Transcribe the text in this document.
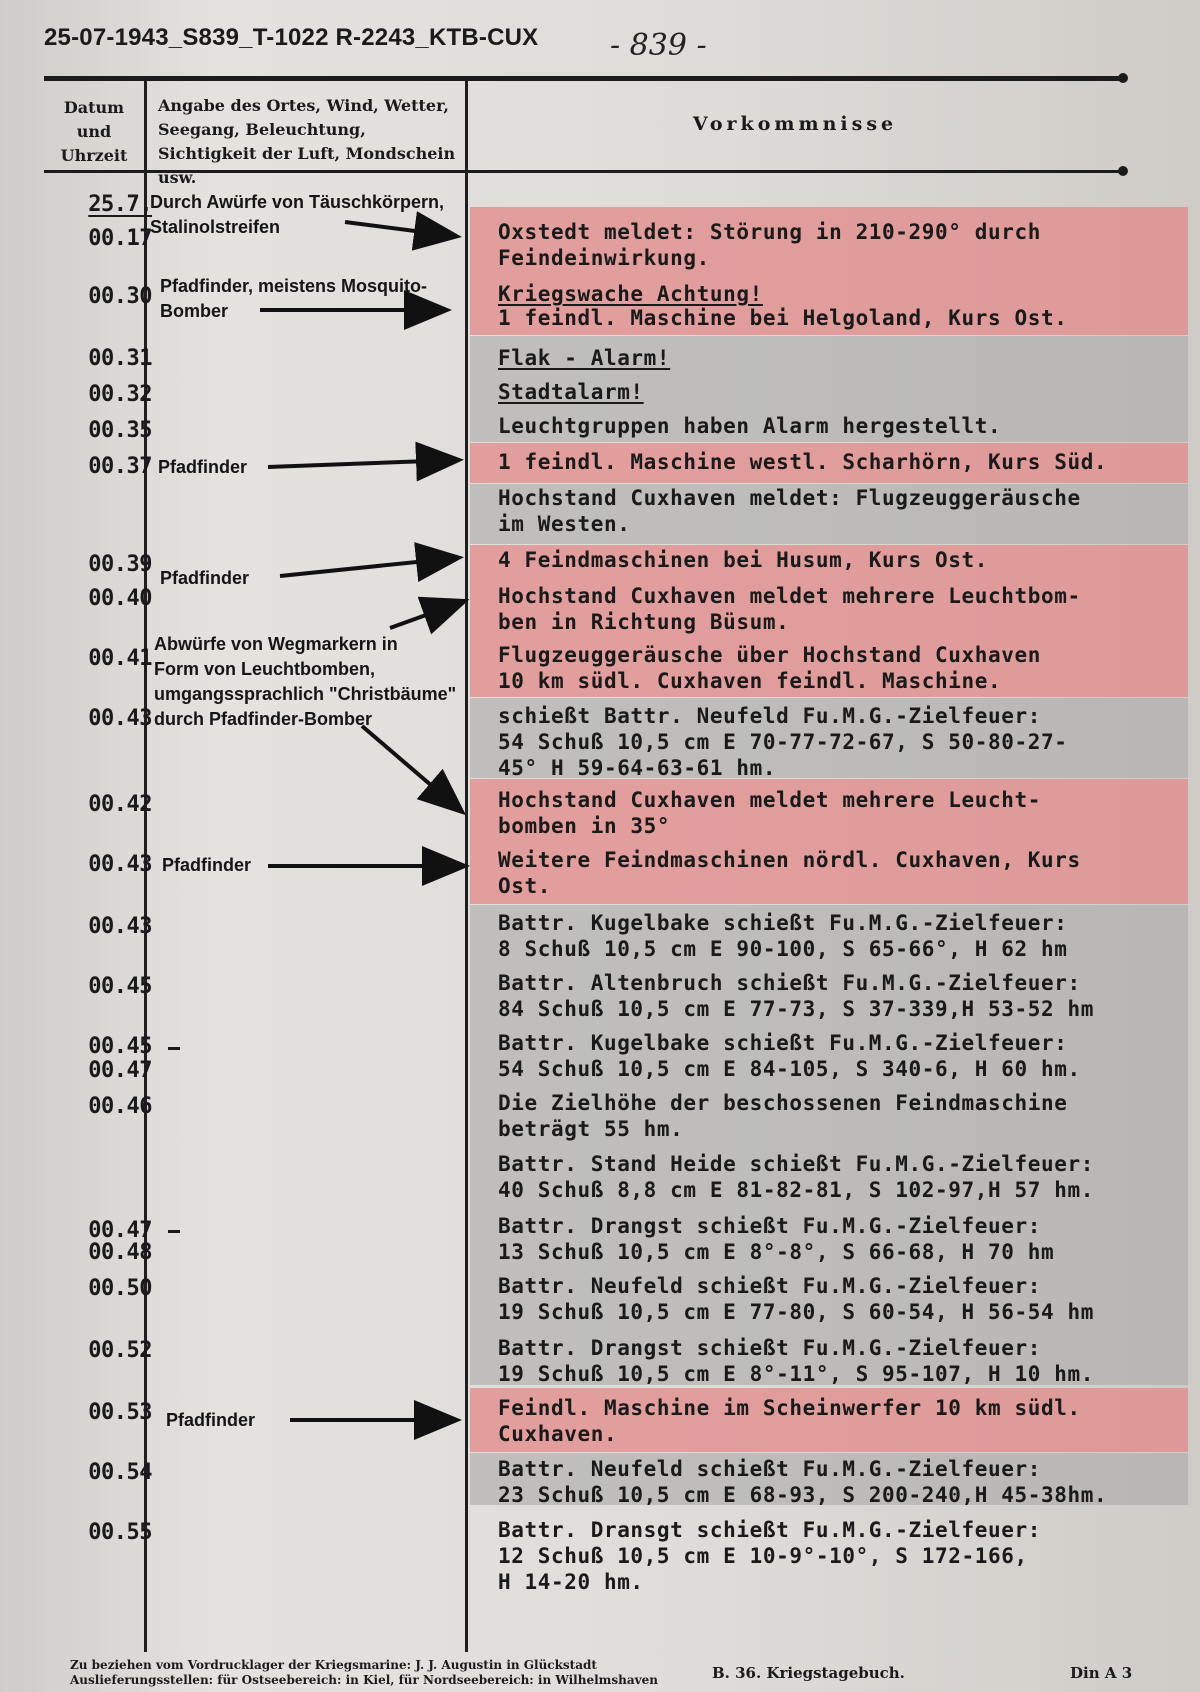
25-07-1943_S839_T-1022 R-2243_KTB-CUX - 839 -
Datum
und
Uhrzeit
Angabe des Ortes, Wind, Wetter, Seegang, Beleuchtung, Sichtigkeit der Luft, Mondschein usw.
Vorkommnisse
25.7.
00.17
00.30
00.31
00.32
00.35
00.37
00.39
00.40
00.41
00.43
00.42
00.43
00.43
00.45
00.45
00.47
00.46
00.47
00.48
00.50
00.52
00.53
00.54
00.55
Oxstedt meldet: Störung in 210-290° durch
Feindeinwirkung.
Kriegswache Achtung!
1 feindl. Maschine bei Helgoland, Kurs Ost.
Flak - Alarm!
Stadtalarm!
Leuchtgruppen haben Alarm hergestellt.
1 feindl. Maschine westl. Scharhörn, Kurs Süd.
Hochstand Cuxhaven meldet: Flugzeuggeräusche
im Westen.
4 Feindmaschinen bei Husum, Kurs Ost.
Hochstand Cuxhaven meldet mehrere Leuchtbom-
ben in Richtung Büsum.
Flugzeuggeräusche über Hochstand Cuxhaven
10 km südl. Cuxhaven feindl. Maschine.
schießt Battr. Neufeld Fu.M.G.-Zielfeuer:
54 Schuß 10,5 cm E 70-77-72-67, S 50-80-27-
45° H 59-64-63-61 hm.
Hochstand Cuxhaven meldet mehrere Leucht-
bomben in 35°
Weitere Feindmaschinen nördl. Cuxhaven, Kurs
Ost.
Battr. Kugelbake schießt Fu.M.G.-Zielfeuer:
8 Schuß 10,5 cm E 90-100, S 65-66°, H 62 hm
Battr. Altenbruch schießt Fu.M.G.-Zielfeuer:
84 Schuß 10,5 cm E 77-73, S 37-339,H 53-52 hm
Battr. Kugelbake schießt Fu.M.G.-Zielfeuer:
54 Schuß 10,5 cm E 84-105, S 340-6, H 60 hm.
Die Zielhöhe der beschossenen Feindmaschine
beträgt 55 hm.
Battr. Stand Heide schießt Fu.M.G.-Zielfeuer:
40 Schuß 8,8 cm E 81-82-81, S 102-97,H 57 hm.
Battr. Drangst schießt Fu.M.G.-Zielfeuer:
13 Schuß 10,5 cm E 8°-8°, S 66-68, H 70 hm
Battr. Neufeld schießt Fu.M.G.-Zielfeuer:
19 Schuß 10,5 cm E 77-80, S 60-54, H 56-54 hm
Battr. Drangst schießt Fu.M.G.-Zielfeuer:
19 Schuß 10,5 cm E 8°-11°, S 95-107, H 10 hm.
Feindl. Maschine im Scheinwerfer 10 km südl.
Cuxhaven.
Battr. Neufeld schießt Fu.M.G.-Zielfeuer:
23 Schuß 10,5 cm E 68-93, S 200-240,H 45-38hm.
Battr. Dransgt schießt Fu.M.G.-Zielfeuer:
12 Schuß 10,5 cm E 10-9°-10°, S 172-166,
H 14-20 hm.
Durch Awürfe von Täuschkörpern,
Stalinolstreifen
Pfadfinder, meistens Mosquito-
Bomber
Pfadfinder
Pfadfinder
Abwürfe von Wegmarkern in
Form von Leuchtbomben,
umgangssprachlich "Christbäume"
durch Pfadfinder-Bomber
Pfadfinder
Pfadfinder
Zu beziehen vom Vordrucklager der Kriegsmarine: J. J. Augustin in Glückstadt
Auslieferungsstellen: für Ostseebereich: in Kiel, für Nordseebereich: in Wilhelmshaven	B. 36. Kriegstagebuch.	Din A 3
